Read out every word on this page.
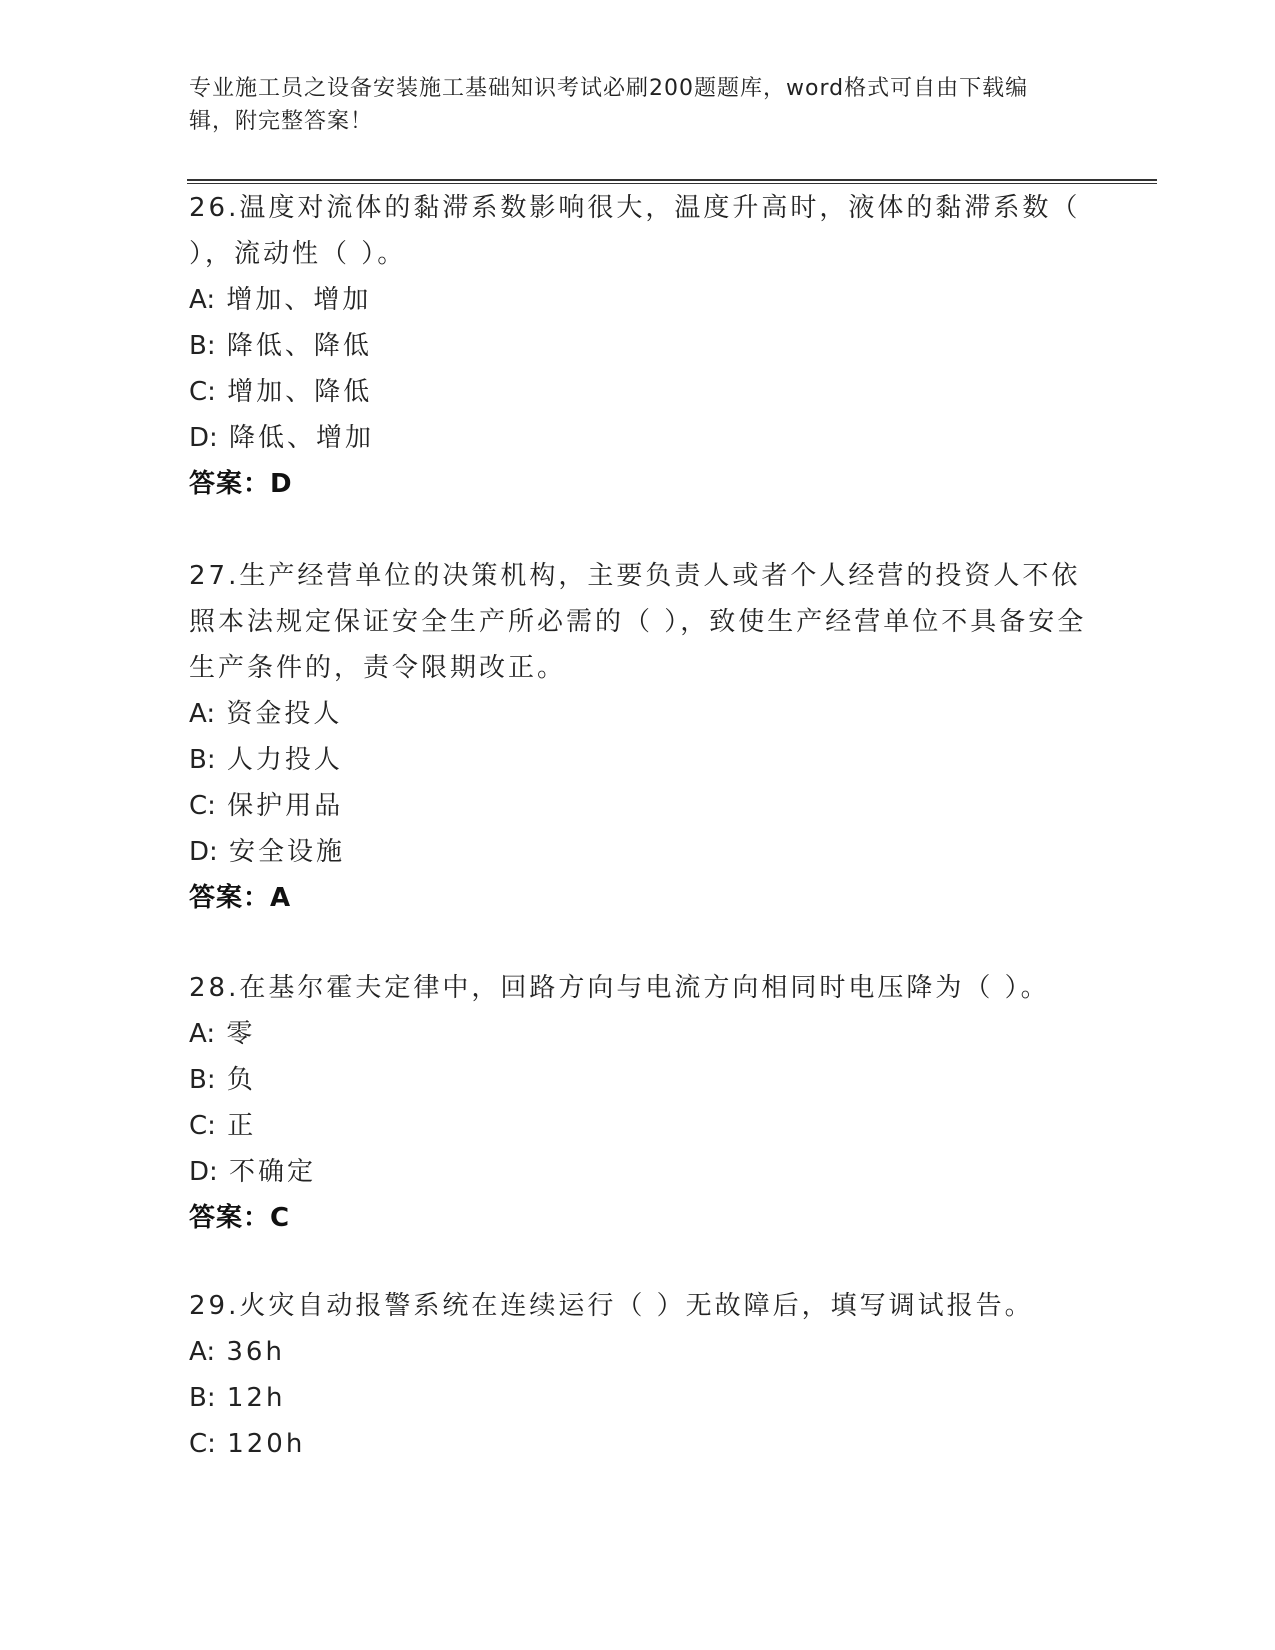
专业施工员之设备安装施工基础知识考试必刷200题题库，word格式可自由下载编辑，附完整答案！
26.温度对流体的黏滞系数影响很大，温度升高时，液体的黏滞系数（ ），流动性（ ）。
A: 增加、增加
B: 降低、降低
C: 增加、降低
D: 降低、增加
答案：D
27.生产经营单位的决策机构，主要负责人或者个人经营的投资人不依照本法规定保证安全生产所必需的（ ），致使生产经营单位不具备安全生产条件的，责令限期改正。
A: 资金投人
B: 人力投人
C: 保护用品
D: 安全设施
答案：A
28.在基尔霍夫定律中，回路方向与电流方向相同时电压降为（ ）。
A: 零
B: 负
C: 正
D: 不确定
答案：C
29.火灾自动报警系统在连续运行（ ）无故障后，填写调试报告。
A: 36h
B: 12h
C: 120h
